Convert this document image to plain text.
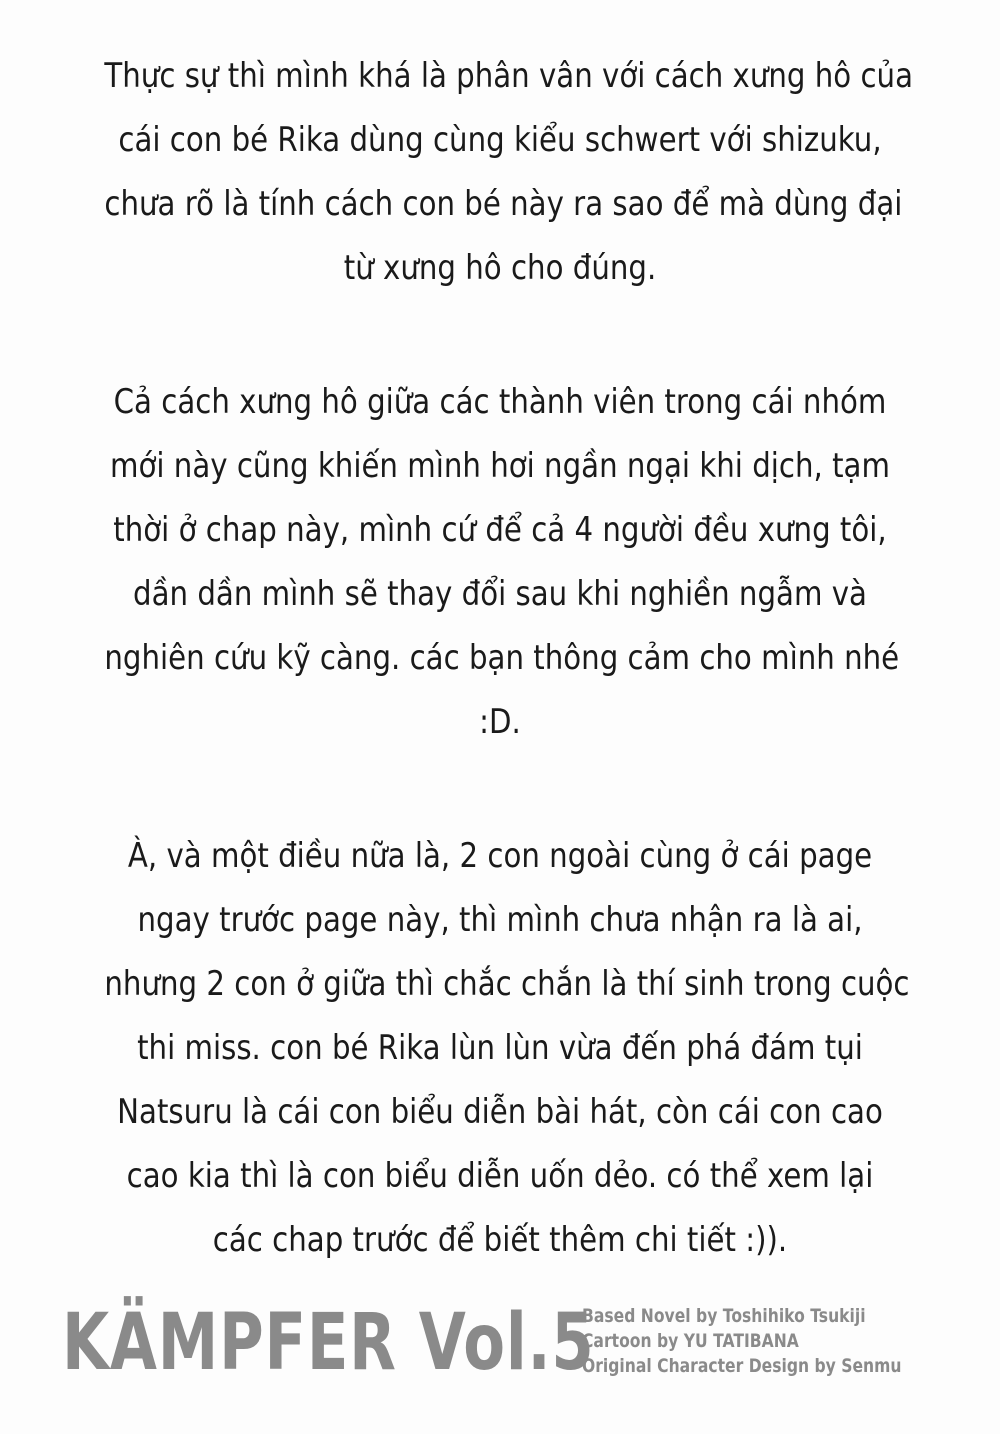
Thực sự thì mình khá là phân vân với cách xưng hô của
cái con bé Rika dùng cùng kiểu schwert với shizuku,
chưa rõ là tính cách con bé này ra sao để mà dùng đại
từ xưng hô cho đúng.

Cả cách xưng hô giữa các thành viên trong cái nhóm
mới này cũng khiến mình hơi ngần ngại khi dịch, tạm
thời ở chap này, mình cứ để cả 4 người đều xưng tôi,
dần dần mình sẽ thay đổi sau khi nghiền ngẫm và
nghiên cứu kỹ càng. các bạn thông cảm cho mình nhé
:D.

À, và một điều nữa là, 2 con ngoài cùng ở cái page
ngay trước page này, thì mình chưa nhận ra là ai,
nhưng 2 con ở giữa thì chắc chắn là thí sinh trong cuộc
thi miss. con bé Rika lùn lùn vừa đến phá đám tụi
Natsuru là cái con biểu diễn bài hát, còn cái con cao
cao kia thì là con biểu diễn uốn dẻo. có thể xem lại
các chap trước để biết thêm chi tiết :)).

KÄMPFER Vol.5
Based Novel by Toshihiko Tsukiji
Cartoon by YU TATIBANA
Original Character Design by Senmu
